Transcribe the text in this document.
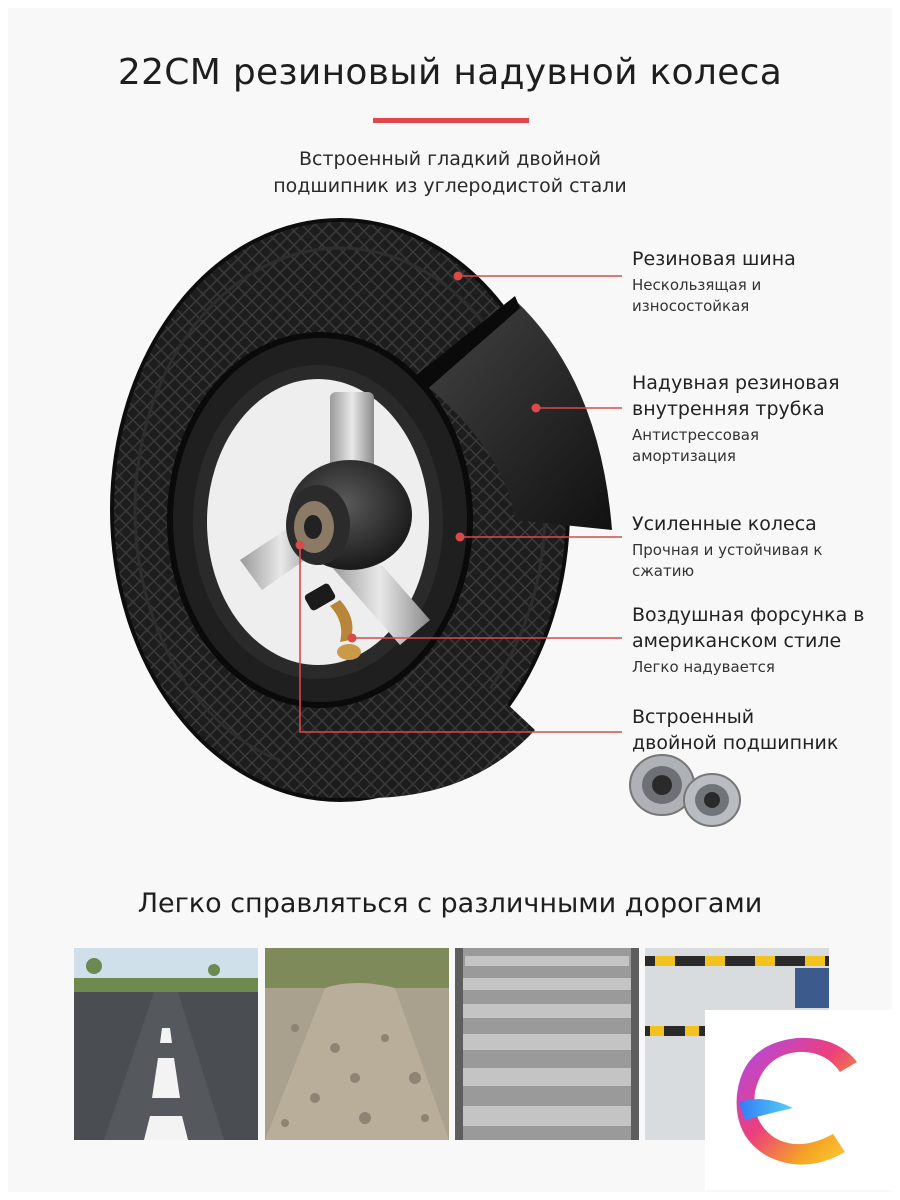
22CM резиновый надувной колеса
Встроенный гладкий двойной
подшипник из углеродистой стали
Резиновая шина
Нескользящая и
износостойкая
Надувная резиновая
внутренняя трубка
Антистрессовая
амортизация
Усиленные колеса
Прочная и устойчивая к
сжатию
Воздушная форсунка в
американском стиле
Легко надувается
Встроенный
двойной подшипник
Легко справляться с различными дорогами
